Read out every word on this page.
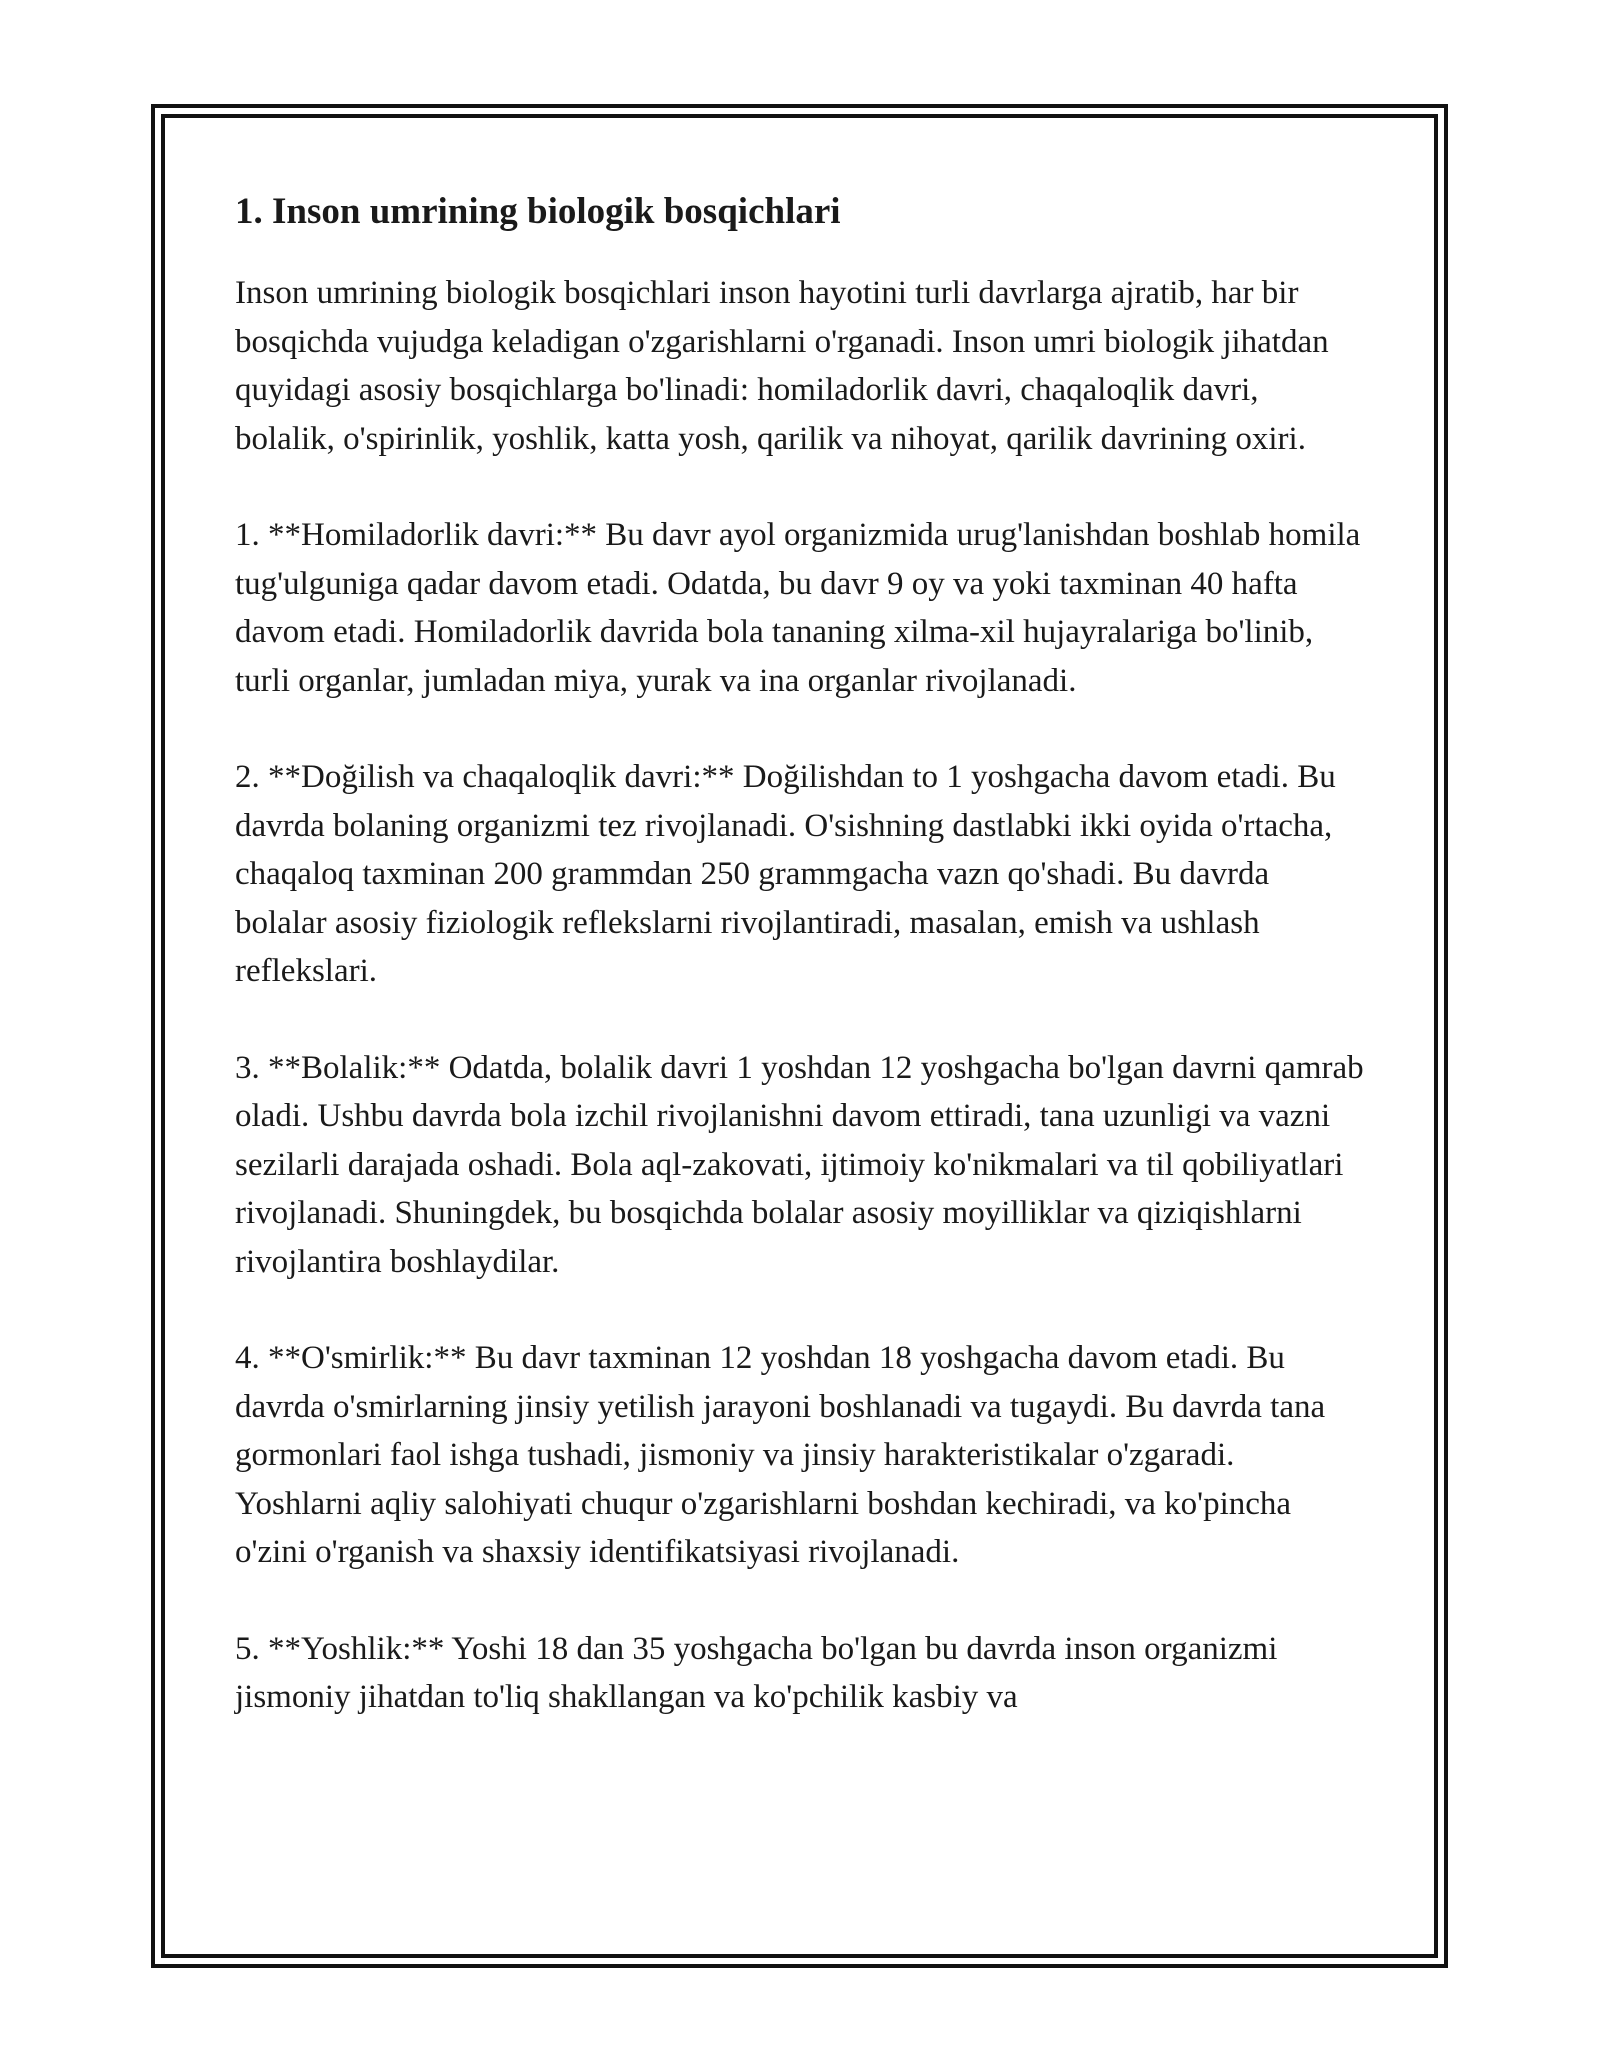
1. Inson umrining biologik bosqichlari

Inson umrining biologik bosqichlari inson hayotini turli davrlarga ajratib, har bir bosqichda vujudga keladigan o'zgarishlarni o'rganadi. Inson umri biologik jihatdan quyidagi asosiy bosqichlarga bo'linadi: homiladorlik davri, chaqaloqlik davri, bolalik, o'spirinlik, yoshlik, katta yosh, qarilik va nihoyat, qarilik davrining oxiri.

1. **Homiladorlik davri:** Bu davr ayol organizmida urug'lanishdan boshlab homila tug'ulguniga qadar davom etadi. Odatda, bu davr 9 oy va yoki taxminan 40 hafta davom etadi. Homiladorlik davrida bola tananing xilma-xil hujayralariga bo'linib, turli organlar, jumladan miya, yurak va ina organlar rivojlanadi.

2. **Doğilish va chaqaloqlik davri:** Doğilishdan to 1 yoshgacha davom etadi. Bu davrda bolaning organizmi tez rivojlanadi. O'sishning dastlabki ikki oyida o'rtacha, chaqaloq taxminan 200 grammdan 250 grammgacha vazn qo'shadi. Bu davrda bolalar asosiy fiziologik reflekslarni rivojlantiradi, masalan, emish va ushlash reflekslari.

3. **Bolalik:** Odatda, bolalik davri 1 yoshdan 12 yoshgacha bo'lgan davrni qamrab oladi. Ushbu davrda bola izchil rivojlanishni davom ettiradi, tana uzunligi va vazni sezilarli darajada oshadi. Bola aql-zakovati, ijtimoiy ko'nikmalari va til qobiliyatlari rivojlanadi. Shuningdek, bu bosqichda bolalar asosiy moyilliklar va qiziqishlarni rivojlantira boshlaydilar.

4. **O'smirlik:** Bu davr taxminan 12 yoshdan 18 yoshgacha davom etadi. Bu davrda o'smirlarning jinsiy yetilish jarayoni boshlanadi va tugaydi. Bu davrda tana gormonlari faol ishga tushadi, jismoniy va jinsiy harakteristikalar o'zgaradi. Yoshlarni aqliy salohiyati chuqur o'zgarishlarni boshdan kechiradi, va ko'pincha o'zini o'rganish va shaxsiy identifikatsiyasi rivojlanadi.

5. **Yoshlik:** Yoshi 18 dan 35 yoshgacha bo'lgan bu davrda inson organizmi jismoniy jihatdan to'liq shakllangan va ko'pchilik kasbiy va
